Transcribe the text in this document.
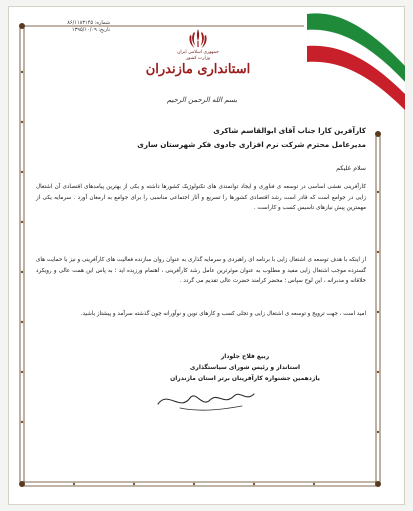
شماره: ۸۶/۱۱۸۳۱۴۵
تاریخ: ۱۳۹۵/۱۰/۰۹
جمهوری اسلامی ایران
وزارت کشور
استانداری مازندران
بسم الله الرحمن الرحیم
کارآفرین کارا جناب آقای ابوالقاسم شاکری
مدیرعامل محترم شرکت نرم افزاری جادوی فکر شهرستان ساری
سلام علیکم
کارآفرینی نقشی اساسی در توسعه ی فناوری و ایجاد توانمندی های تکنولوژیک کشورها داشته و یکی از بهترین پیامدهای اقتصادی آن اشتغال زایی در جوامع است که قادر است رشد اقتصادی کشورها را تسریع و آثار اجتماعی مناسبی را برای جوامع به ارمغان آورد . سرمایه یکی از مهمترین پیش نیازهای تاسیس کسب و کاراست .
از اینکه با هدف توسعه ی اشتغال زایی با برنامه ای راهبردی و سرمایه گذاری به عنوان روان سازنده فعالیت های کارآفرینی و نیز با حمایت های گسترده موجب اشتغال زایی مفید و مطلوب به عنوان موثرترین عامل رشد کارآفرینی ، اهتمام ورزیده اید ؛ به پاس این همت عالی و رویکرد خلاقانه و مدبرانه ، این لوح سپاس ؛ محضر کرامند حضرت عالی تقدیم می گردد .
امید است ، جهت ترویج و توسعه ی اشتغال زایی و تجلی کسب و کارهای نوین و نوآورانه چون گذشته سرآمد و پیشتاز باشید.
ربیع فلاح جلودار
استاندار و رئیس شورای سیاستگذاری
یازدهمین جشنواره کارآفرینان برتر استان مازندران
